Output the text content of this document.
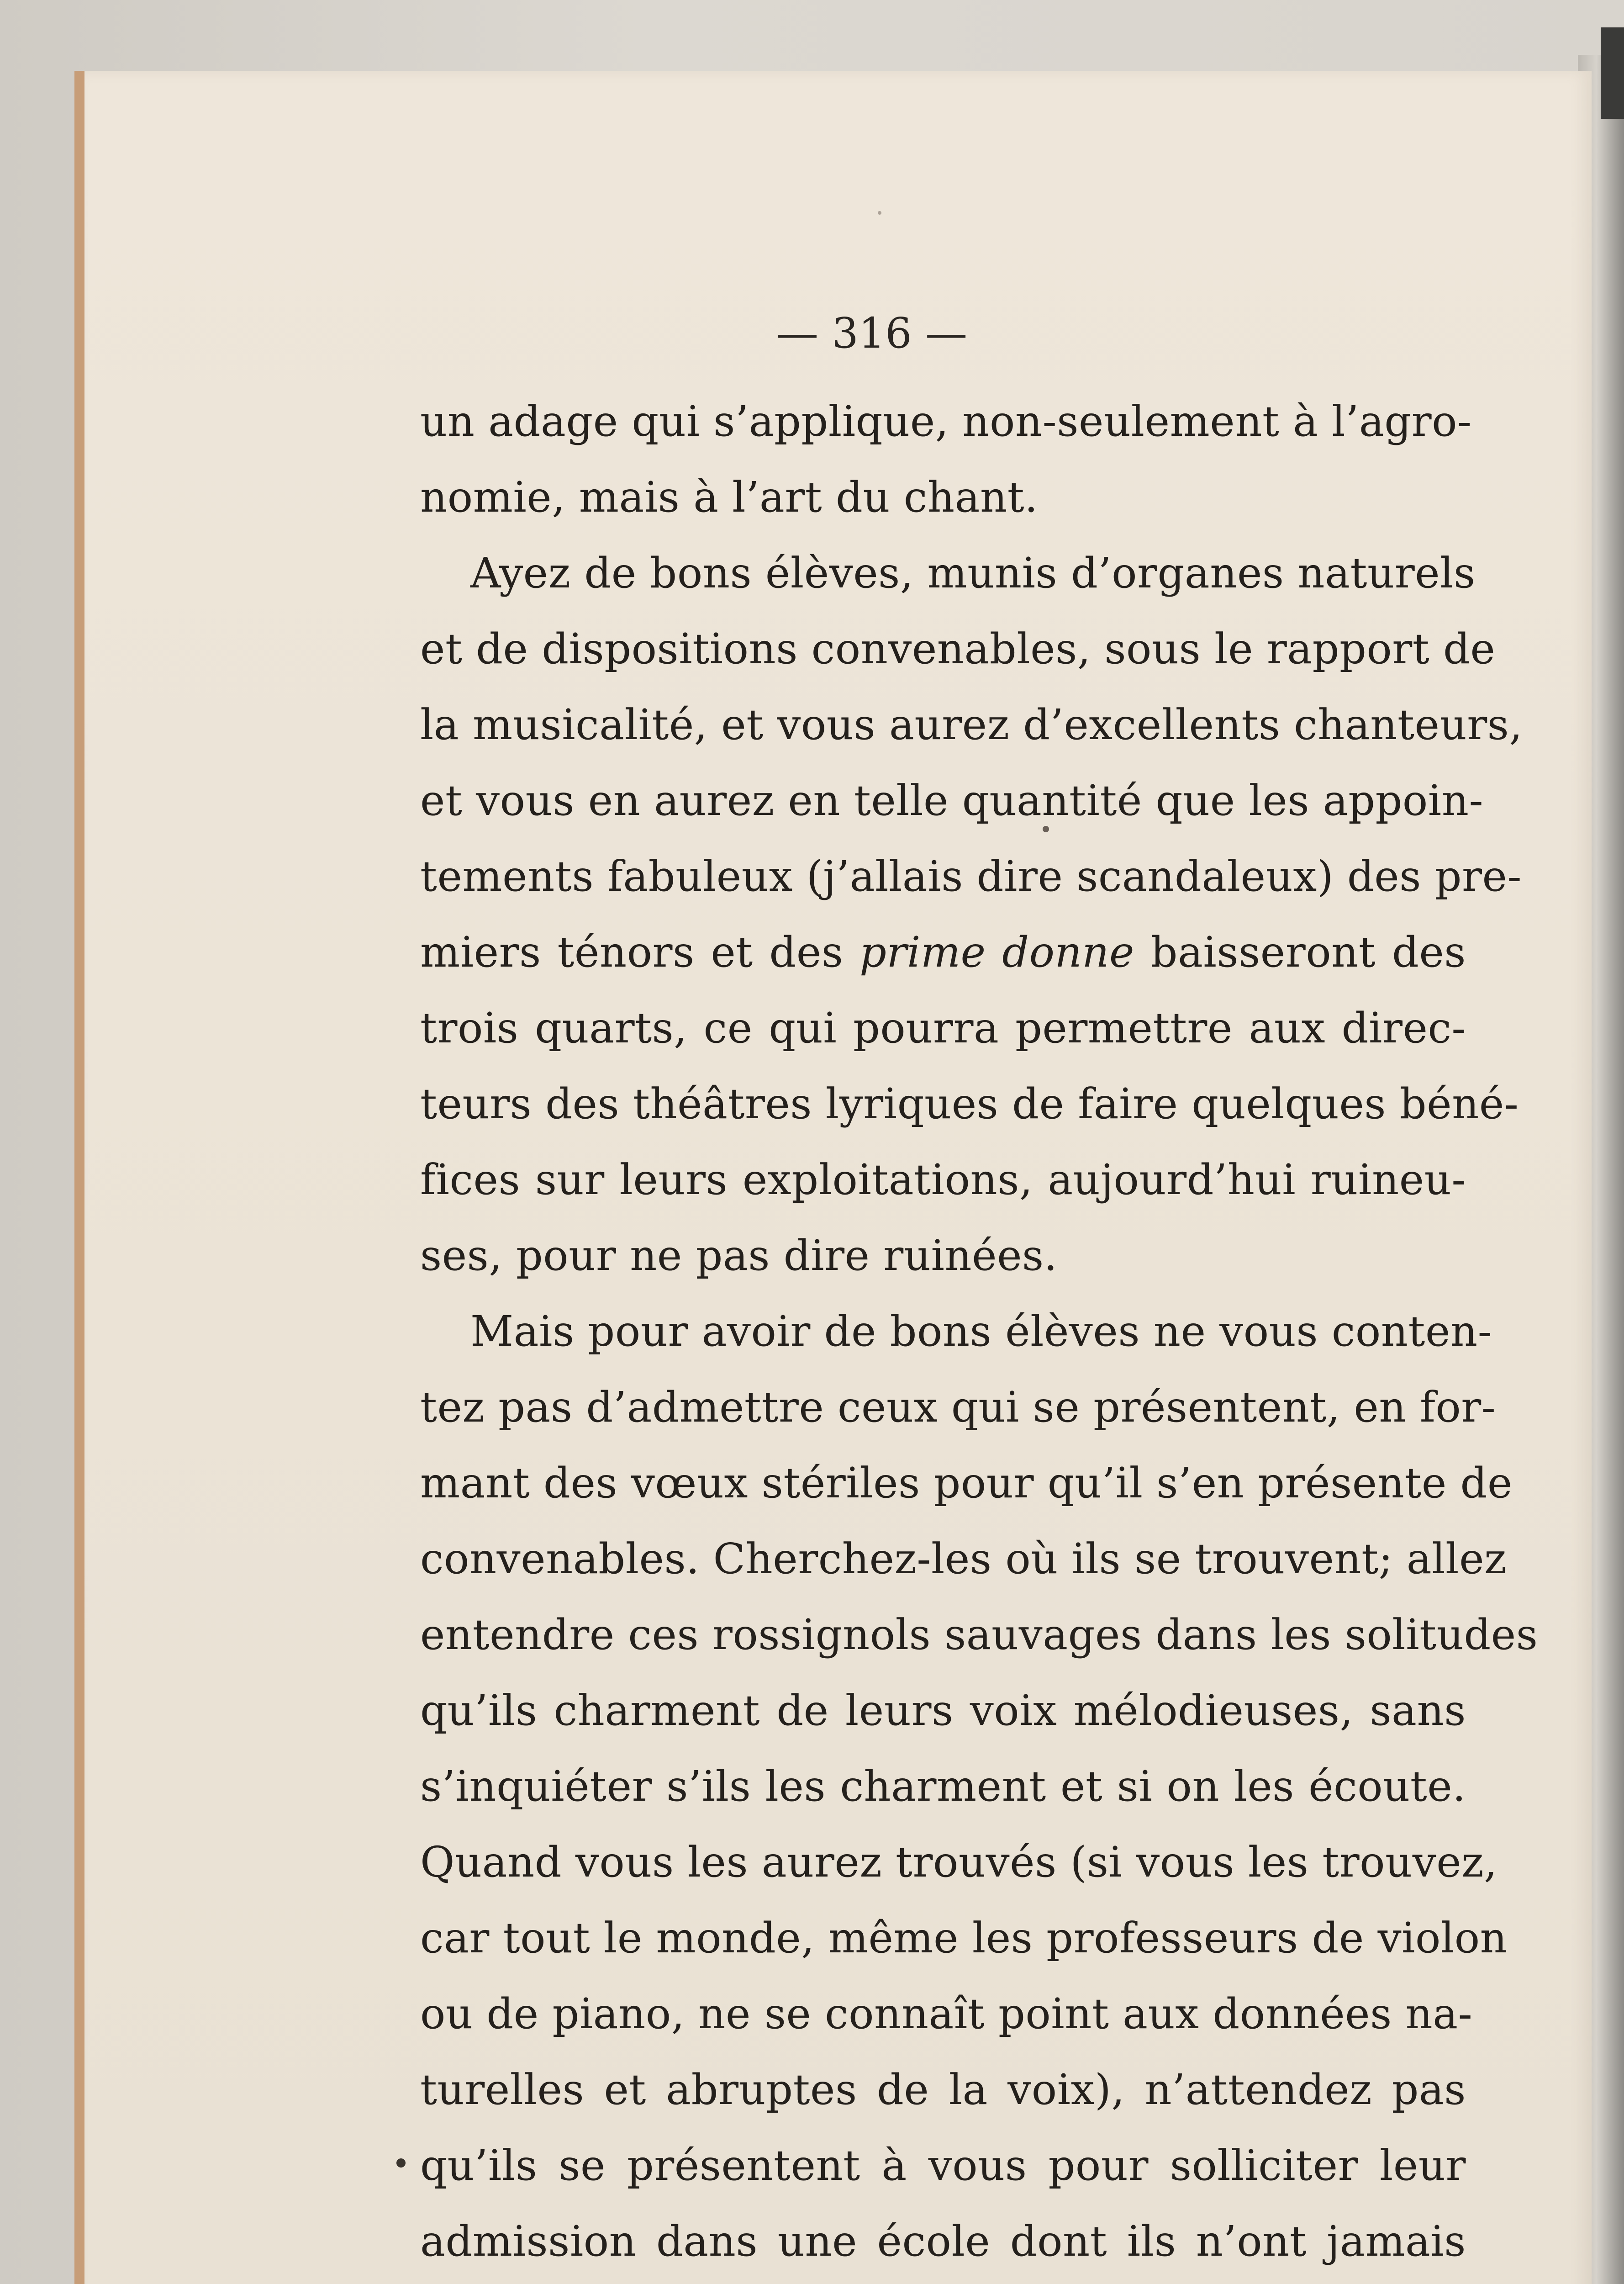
— 316 —
un adage qui s’applique, non-seulement à l’agro-
nomie, mais à l’art du chant.
Ayez de bons élèves, munis d’organes naturels
et de dispositions convenables, sous le rapport de
la musicalité, et vous aurez d’excellents chanteurs,
et vous en aurez en telle quantité que les appoin-
tements fabuleux (j’allais dire scandaleux) des pre-
miers ténors et des prime donne baisseront des
trois quarts, ce qui pourra permettre aux direc-
teurs des théâtres lyriques de faire quelques béné-
fices sur leurs exploitations, aujourd’hui ruineu-
ses, pour ne pas dire ruinées.
Mais pour avoir de bons élèves ne vous conten-
tez pas d’admettre ceux qui se présentent, en for-
mant des vœux stériles pour qu’il s’en présente de
convenables. Cherchez-les où ils se trouvent; allez
entendre ces rossignols sauvages dans les solitudes
qu’ils charment de leurs voix mélodieuses, sans
s’inquiéter s’ils les charment et si on les écoute.
Quand vous les aurez trouvés (si vous les trouvez,
car tout le monde, même les professeurs de violon
ou de piano, ne se connaît point aux données na-
turelles et abruptes de la voix), n’attendez pas
qu’ils se présentent à vous pour solliciter leur
admission dans une école dont ils n’ont jamais
